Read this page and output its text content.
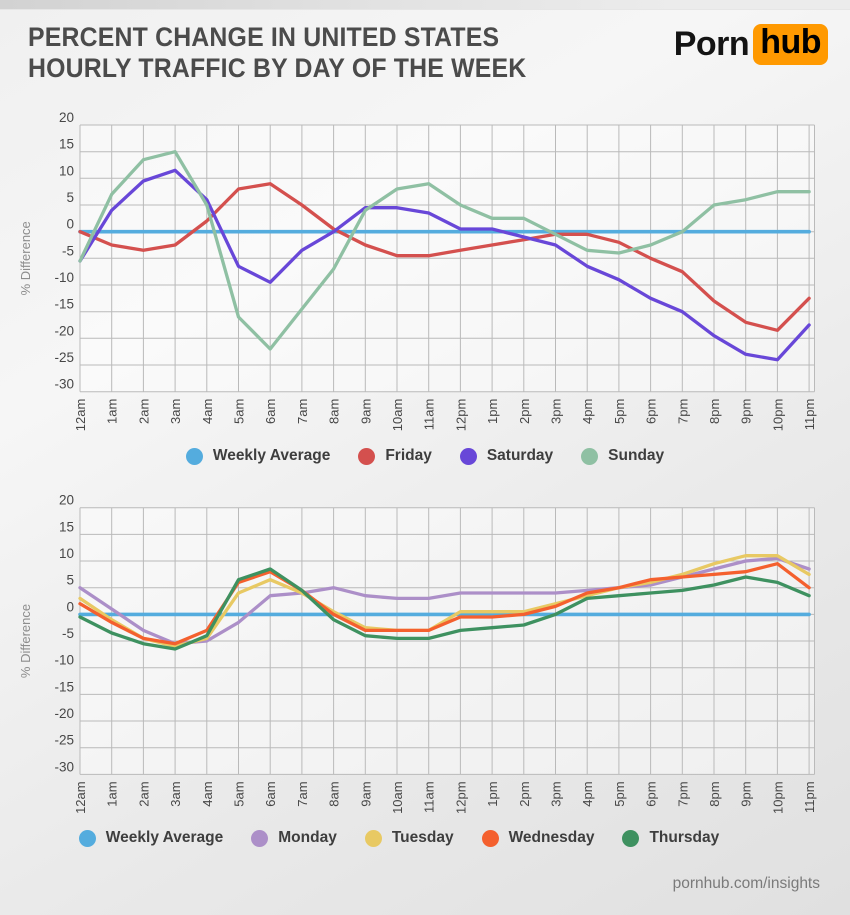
PERCENT CHANGE IN UNITED STATES
HOURLY TRAFFIC BY DAY OF THE WEEK
Porn hub
20
15
10
5
0
-5
-10
-15
-20
-25
-30
12am 1am 2am 3am 4am 5am 6am 7am 8am 9am 10am 11am 12pm 1pm 2pm 3pm 4pm 5pm 6pm 7pm 8pm 9pm 10pm 11pm
% Difference
20
15
10
5
0
-5
-10
-15
-20
-25
-30
12am 1am 2am 3am 4am 5am 6am 7am 8am 9am 10am 11am 12pm 1pm 2pm 3pm 4pm 5pm 6pm 7pm 8pm 9pm 10pm 11pm
% Difference
Weekly Average	Friday	Saturday	Sunday
Weekly Average	Monday	Tuesday	Wednesday	Thursday
pornhub.com/insights
